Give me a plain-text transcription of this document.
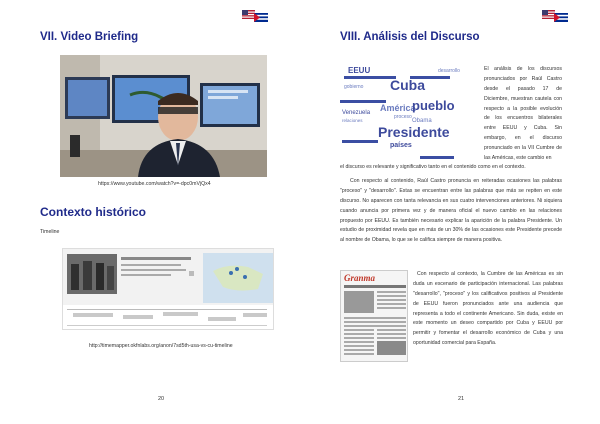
VII. Video Briefing
https://www.youtube.com/watch?v=-dpc0mVjQx4
Contexto histórico
Timeline
http://timemapper.okfnlabs.org/anon/7sd5th-usa-vs-cu-timeline
20
VIII. Análisis del Discurso
EEUU
Cuba
América
pueblo
Obama
Presidente
países
proceso
desarrollo
gobierno
Venezuela
relaciones
El análisis de los discursos pronunciados por Raúl Castro desde el pasado 17 de Diciembre, muestran cautela con respecto a la posible evolución de los encuentros bilaterales entre EEUU y Cuba. Sin embargo, en el discurso pronunciado en la VII Cumbre de las Américas, este cambio en
el discurso es relevante y significativo tanto en el contenido como en el contexto.
Con respecto al contenido, Raúl Castro pronuncia en reiteradas ocasiones las palabras "proceso" y "desarrollo". Estas se encuentran entre las palabras que más se repiten en este discurso. No aparecen con tanta relevancia en sus cuatro intervenciones anteriores. Ni siquiera cuando anuncia por primera vez y de manera oficial el nuevo cambio en las relaciones propuesto por EEUU. Es también necesario explicar la aparición de la palabra Presidente. Un estudio de proximidad revela que en más de un 30% de las ocasiones este Presidente precede al nombre de Obama, lo que se le califica siempre de manera positiva.
Granma	Con respecto al contexto, la Cumbre de las Américas es sin duda un escenario de participación internacional. Las palabras "desarrollo", "proceso" y los calificativos positivos al Presidente de EEUU fueron pronunciados ante una audiencia que representa a todo el continente Americano. Sin duda, existe en este momento un deseo compartido por Cuba y EEUU por permitir y fomentar el desarrollo económico de Cuba y una oportunidad comercial para España.
21
